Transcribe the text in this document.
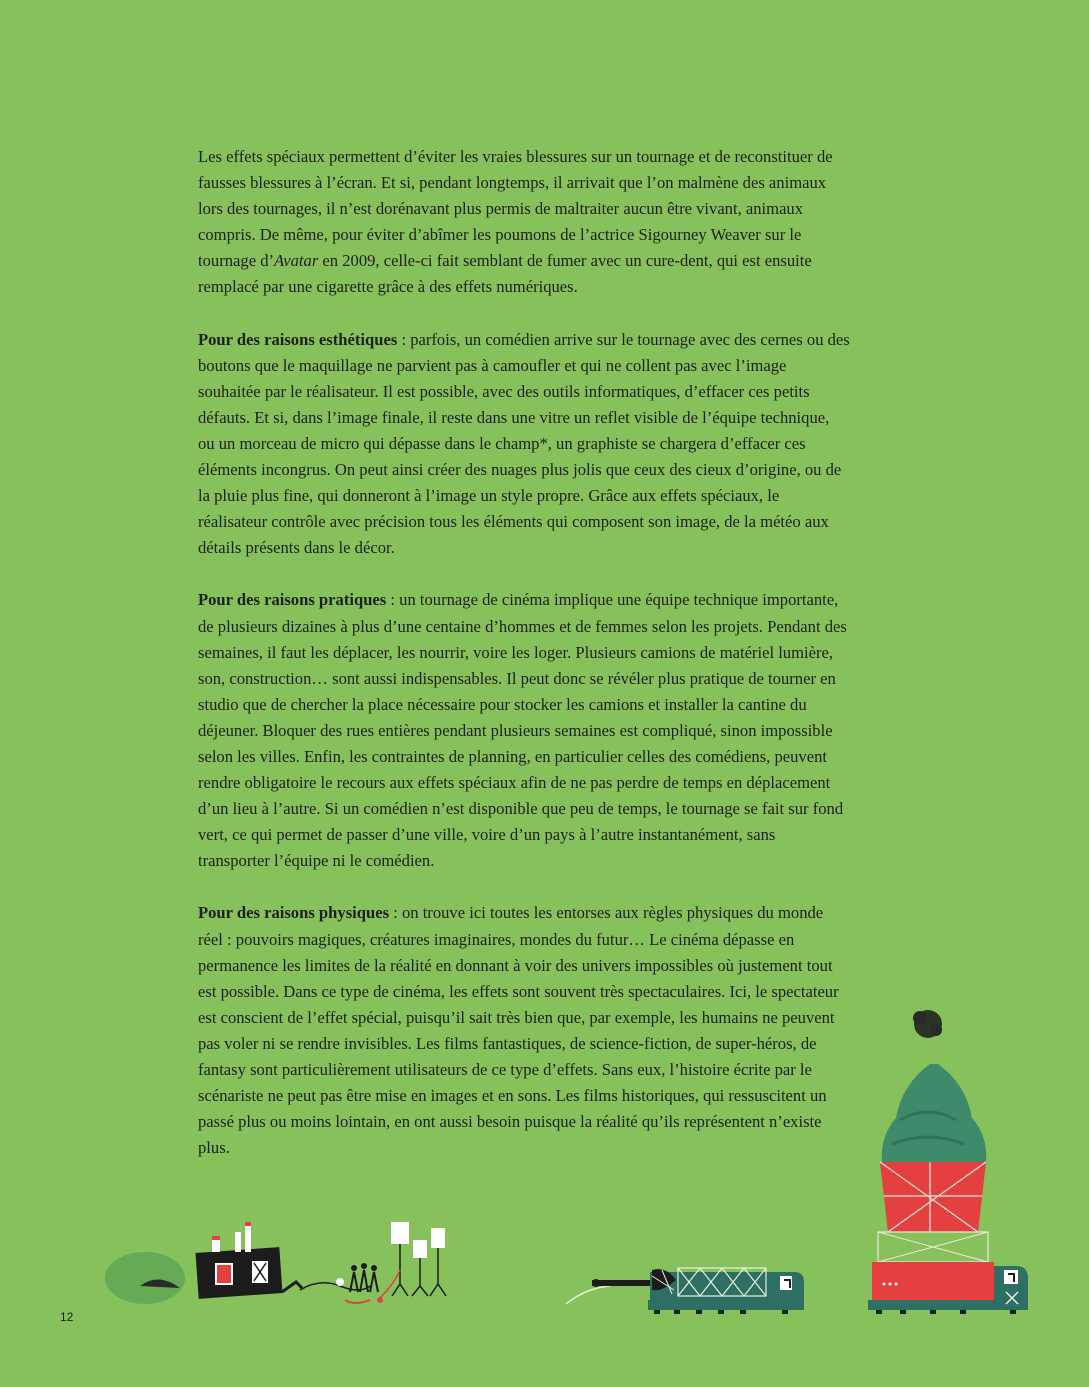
Les effets spéciaux permettent d’éviter les vraies blessures sur un tournage et de reconstituer de fausses blessures à l’écran. Et si, pendant longtemps, il arrivait que l’on malmène des animaux lors des tournages, il n’est dorénavant plus permis de maltraiter aucun être vivant, animaux compris. De même, pour éviter d’abîmer les poumons de l’actrice Sigourney Weaver sur le tournage d’Avatar en 2009, celle-ci fait semblant de fumer avec un cure-dent, qui est ensuite remplacé par une cigarette grâce à des effets numériques.

Pour des raisons esthétiques : parfois, un comédien arrive sur le tournage avec des cernes ou des boutons que le maquillage ne parvient pas à camoufler et qui ne collent pas avec l’image souhaitée par le réalisateur. Il est possible, avec des outils informatiques, d’effacer ces petits défauts. Et si, dans l’image finale, il reste dans une vitre un reflet visible de l’équipe technique, ou un morceau de micro qui dépasse dans le champ*, un graphiste se chargera d’effacer ces éléments incongrus. On peut ainsi créer des nuages plus jolis que ceux des cieux d’origine, ou de la pluie plus fine, qui donneront à l’image un style propre. Grâce aux effets spéciaux, le réalisateur contrôle avec précision tous les éléments qui composent son image, de la météo aux détails présents dans le décor.

Pour des raisons pratiques : un tournage de cinéma implique une équipe technique importante, de plusieurs dizaines à plus d’une centaine d’hommes et de femmes selon les projets. Pendant des semaines, il faut les déplacer, les nourrir, voire les loger. Plusieurs camions de matériel lumière, son, construction… sont aussi indispensables. Il peut donc se révéler plus pratique de tourner en studio que de chercher la place nécessaire pour stocker les camions et installer la cantine du déjeuner. Bloquer des rues entières pendant plusieurs semaines est compliqué, sinon impossible selon les villes. Enfin, les contraintes de planning, en particulier celles des comédiens, peuvent rendre obligatoire le recours aux effets spéciaux afin de ne pas perdre de temps en déplacement d’un lieu à l’autre. Si un comédien n’est disponible que peu de temps, le tournage se fait sur fond vert, ce qui permet de passer d’une ville, voire d’un pays à l’autre instantanément, sans transporter l’équipe ni le comédien.

Pour des raisons physiques : on trouve ici toutes les entorses aux règles physiques du monde réel : pouvoirs magiques, créatures imaginaires, mondes du futur… Le cinéma dépasse en permanence les limites de la réalité en donnant à voir des univers impossibles où justement tout est possible. Dans ce type de cinéma, les effets sont souvent très spectaculaires. Ici, le spectateur est conscient de l’effet spécial, puisqu’il sait très bien que, par exemple, les humains ne peuvent pas voler ni se rendre invisibles. Les films fantastiques, de science-fiction, de super-héros, de fantasy sont particulièrement utilisateurs de ce type d’effets. Sans eux, l’histoire écrite par le scénariste ne peut pas être mise en images et en sons. Les films historiques, qui ressuscitent un passé plus ou moins lointain, en ont aussi besoin puisque la réalité qu’ils représentent n’existe plus.

12
